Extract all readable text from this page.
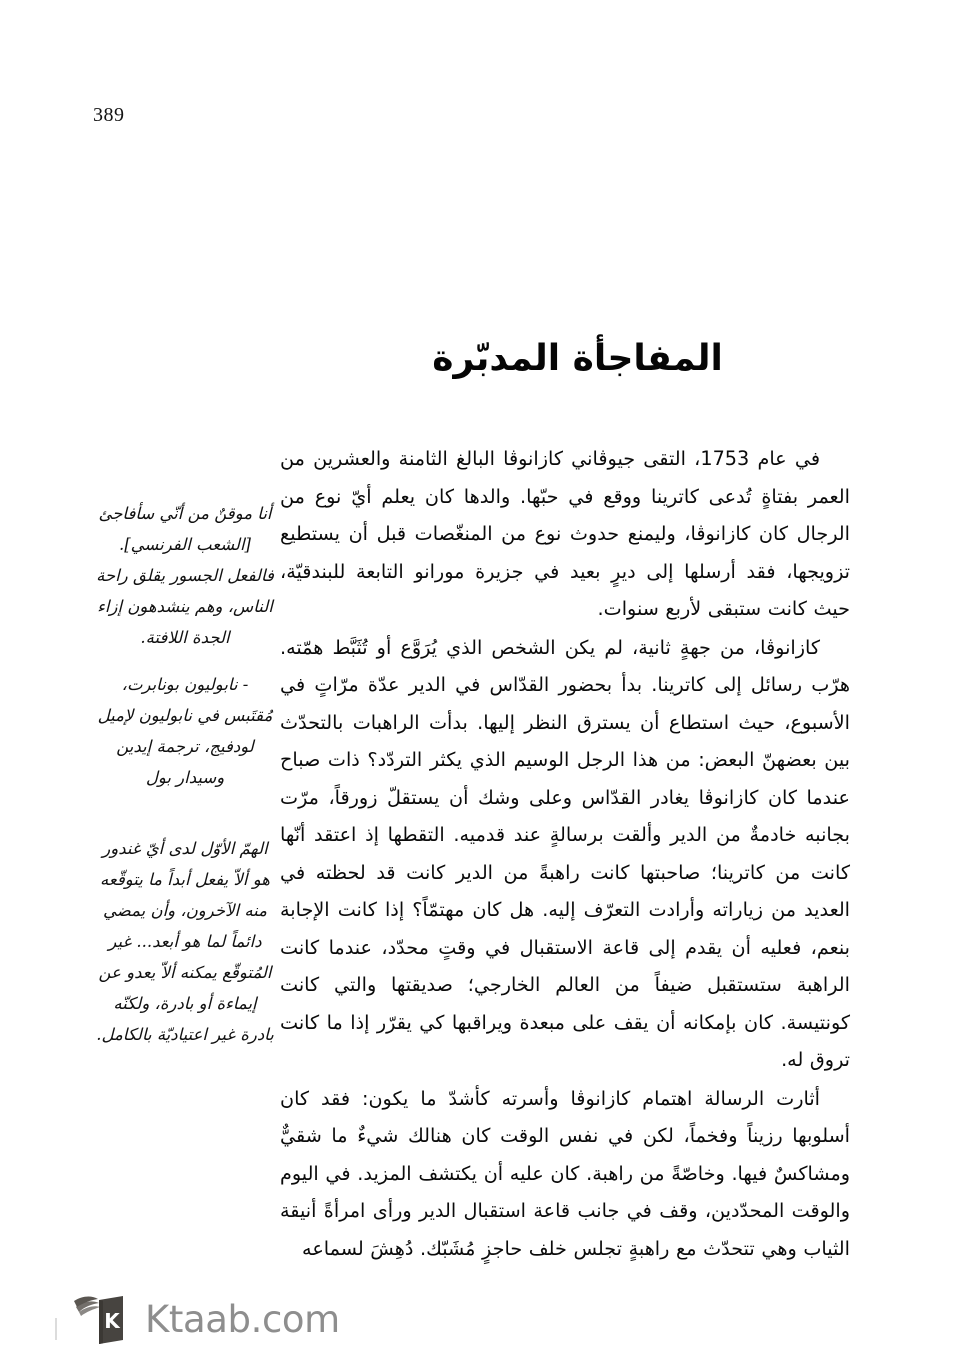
389
المفاجأة المدبّرة

في عام 1753، التقى جيوڤاني كازانوڤا البالغ الثامنة والعشرين من العمر بفتاةٍ تُدعى كاترينا ووقع في حبّها. والدها كان يعلم أيّ نوع من الرجال كان كازانوڤا، وليمنع حدوث نوع من المنغّصات قبل أن يستطيع تزويجها، فقد أرسلها إلى ديرٍ بعيد في جزيرة مورانو التابعة للبندقيّة، حيث كانت ستبقى لأربع سنوات.

كازانوڤا، من جهةٍ ثانية، لم يكن الشخص الذي يُرَوَّع أو تُثَبَّط همّته. هرّب رسائل إلى كاترينا. بدأ بحضور القدّاس في الدير عدّة مرّاتٍ في الأسبوع، حيث استطاع أن يسترق النظر إليها. بدأت الراهبات بالتحدّث بين بعضهنّ البعض: من هذا الرجل الوسيم الذي يكثر التردّد؟ ذات صباح عندما كان كازانوڤا يغادر القدّاس وعلى وشك أن يستقلّ زورقاً، مرّت بجانبه خادمةٌ من الدير وألقت برسالةٍ عند قدميه. التقطها إذ اعتقد أنّها كانت من كاترينا؛ صاحبتها كانت راهبةً من الدير كانت قد لحظته في العديد من زياراته وأرادت التعرّف إليه. هل كان مهتمّاً؟ إذا كانت الإجابة بنعم، فعليه أن يقدم إلى قاعة الاستقبال في وقتٍ محدّد، عندما كانت الراهبة ستستقبل ضيفاً من العالم الخارجي؛ صديقتها والتي كانت كونتيسة. كان بإمكانه أن يقف على مبعدة ويراقبها كي يقرّر إذا ما كانت تروق له.

أثارت الرسالة اهتمام كازانوڤا وأسرته كأشدّ ما يكون: فقد كان أسلوبها رزيناً وفخماً، لكن في نفس الوقت كان هنالك شيءٌ ما شقيٌّ ومشاكسٌ فيها. وخاصّةً من راهبة. كان عليه أن يكتشف المزيد. في اليوم والوقت المحدّدين، وقف في جانب قاعة استقبال الدير ورأى امرأةً أنيقة الثياب وهي تتحدّث مع راهبةٍ تجلس خلف حاجزٍ مُشَبّك. دُهِشَ لسماعه

أنا موقنٌ من أنّي سأفاجئ [الشعب الفرنسي]. فالفعل الجسور يقلق راحة الناس، وهم ينشدهون إزاء الجدة اللافتة.

- نابوليون بونابرت، مُقتَبس في نابوليون لإميل لودفيج، ترجمة إيدين وسيدار بول

الهمّ الأوّل لدى أيّ غندور هو ألاّ يفعل أبداً ما يتوقّعه منه الآخرون، وأن يمضي دائماً لما هو أبعد... غير المُتوقّع يمكنه ألاّ يعدو عن إيماءة أو بادرة، ولكنّه بادرة غير اعتياديّة بالكامل.

K Ktaab.com
